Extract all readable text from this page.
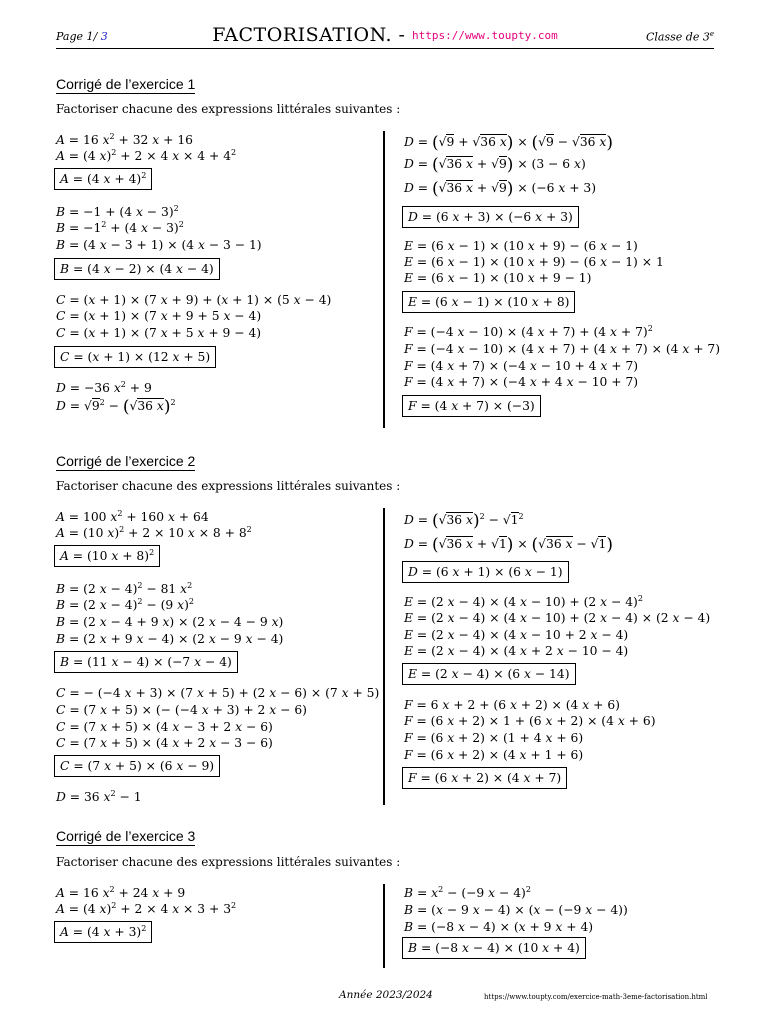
Page 1/ 3	FACTORISATION. - https://www.toupty.com	Classe de 3e
Corrigé de l’exercice 1
Factoriser chacune des expressions littérales suivantes :
A = 16 $x^2 + 32$ x + 16
A = (4 x)$^2$ + 2 × 4 $x \times 4 + 4^2$
A = (4 x + 4)$^2$
B = −1 + (4 x − 3)$^2$
$B = -1^2 + (4$ x − 3)$^2$
B = (4 x − 3 + 1) × (4 x − 3 − 1)
B = (4 x − 2) × (4 x − 4)
C = (x + 1) × (7 x + 9) + (x + 1) × (5 x − 4)
C = (x + 1) × (7 x + 9 + 5 x − 4)
C = (x + 1) × (7 x + 5 x + 9 − 4)
C = (x + 1) × (12 x + 5)
D = −36 $x^2 + 9$
$D = √9^2 - (√36$ x)$^2$
D = (√9 + √36 x) × (√9 − √36 x)
D = (√36 x + √9) × (3 − 6 x)
D = (√36 x + √9) × (−6 x + 3)
D = (6 x + 3) × (−6 x + 3)
E = (6 x − 1) × (10 x + 9) − (6 x − 1)
E = (6 x − 1) × (10 x + 9) − (6 x − 1) × 1
E = (6 x − 1) × (10 x + 9 − 1)
E = (6 x − 1) × (10 x + 8)
F = (−4 x − 10) × (4 x + 7) + (4 x + 7)$^2$
F = (−4 x − 10) × (4 x + 7) + (4 x + 7) × (4 x + 7)
F = (4 x + 7) × (−4 x − 10 + 4 x + 7)
F = (4 x + 7) × (−4 x + 4 x − 10 + 7)
F = (4 x + 7) × (−3)
Corrigé de l’exercice 2
Factoriser chacune des expressions littérales suivantes :
A = 100 $x^2 + 160$ x + 64
A = (10 x)$^2$ + 2 × 10 $x \times 8 + 8^2$
A = (10 x + 8)$^2$
B = (2 x − 4)$^2$ − 81 $x^2$
B = (2 x − 4)$^2$ − (9 x)$^2$
B = (2 x − 4 + 9 x) × (2 x − 4 − 9 x)
B = (2 x + 9 x − 4) × (2 x − 9 x − 4)
B = (11 x − 4) × (−7 x − 4)
C = − (−4 x + 3) × (7 x + 5) + (2 x − 6) × (7 x + 5)
C = (7 x + 5) × (− (−4 x + 3) + 2 x − 6)
C = (7 x + 5) × (4 x − 3 + 2 x − 6)
C = (7 x + 5) × (4 x + 2 x − 3 − 6)
C = (7 x + 5) × (6 x − 9)
D = 36 $x^2 - 1$
D = (√36 $x)^2 - √1^2$
D = (√36 x + √1) × (√36 x − √1)
D = (6 x + 1) × (6 x − 1)
E = (2 x − 4) × (4 x − 10) + (2 x − 4)$^2$
E = (2 x − 4) × (4 x − 10) + (2 x − 4) × (2 x − 4)
E = (2 x − 4) × (4 x − 10 + 2 x − 4)
E = (2 x − 4) × (4 x + 2 x − 10 − 4)
E = (2 x − 4) × (6 x − 14)
F = 6 x + 2 + (6 x + 2) × (4 x + 6)
F = (6 x + 2) × 1 + (6 x + 2) × (4 x + 6)
F = (6 x + 2) × (1 + 4 x + 6)
F = (6 x + 2) × (4 x + 1 + 6)
F = (6 x + 2) × (4 x + 7)
Corrigé de l’exercice 3
Factoriser chacune des expressions littérales suivantes :
A = 16 $x^2 + 24$ x + 9
A = (4 x)$^2$ + 2 × 4 $x \times 3 + 3^2$
A = (4 x + 3)$^2$
$B = x^2 - (-9$ x − 4)$^2$
B = (x − 9 x − 4) × (x − (−9 x − 4))
B = (−8 x − 4) × (x + 9 x + 4)
B = (−8 x − 4) × (10 x + 4)
Année 2023/2024	https://www.toupty.com/exercice-math-3eme-factorisation.html
